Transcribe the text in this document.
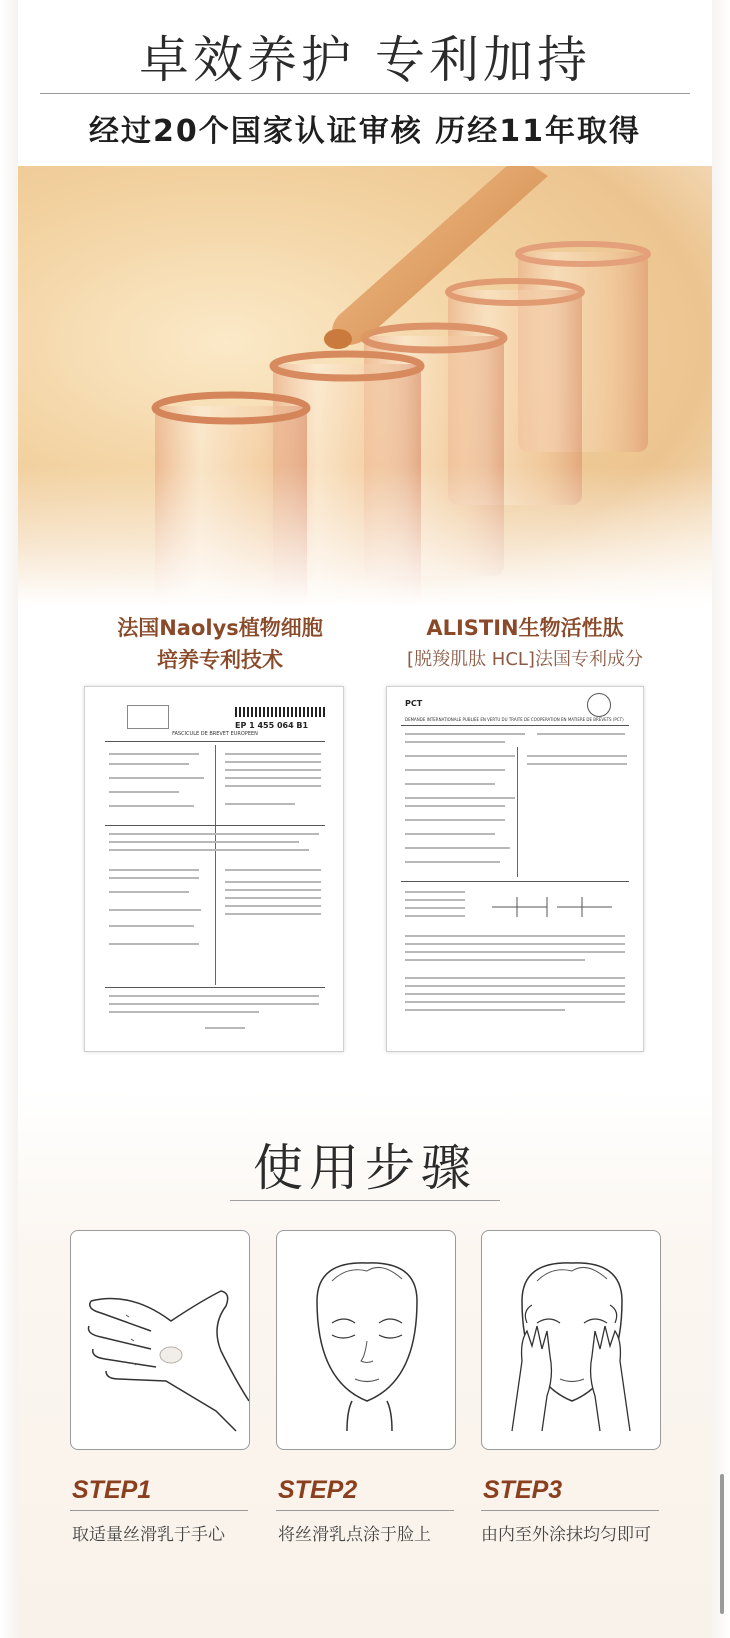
卓效养护 专利加持
经过20个国家认证审核 历经11年取得
法国Naolys植物细胞
培养专利技术
ALISTIN生物活性肽
[脱羧肌肽 HCL]法国专利成分
EP 1 455 064 B1
FASCICULE DE BREVET EUROPEEN
PCT
DEMANDE INTERNATIONALE PUBLIEE EN VERTU DU TRAITE DE COOPERATION EN MATIERE DE BREVETS (PCT)
使用步骤
STEP1	STEP2	STEP3
取适量丝滑乳于手心	将丝滑乳点涂于脸上	由内至外涂抹均匀即可
